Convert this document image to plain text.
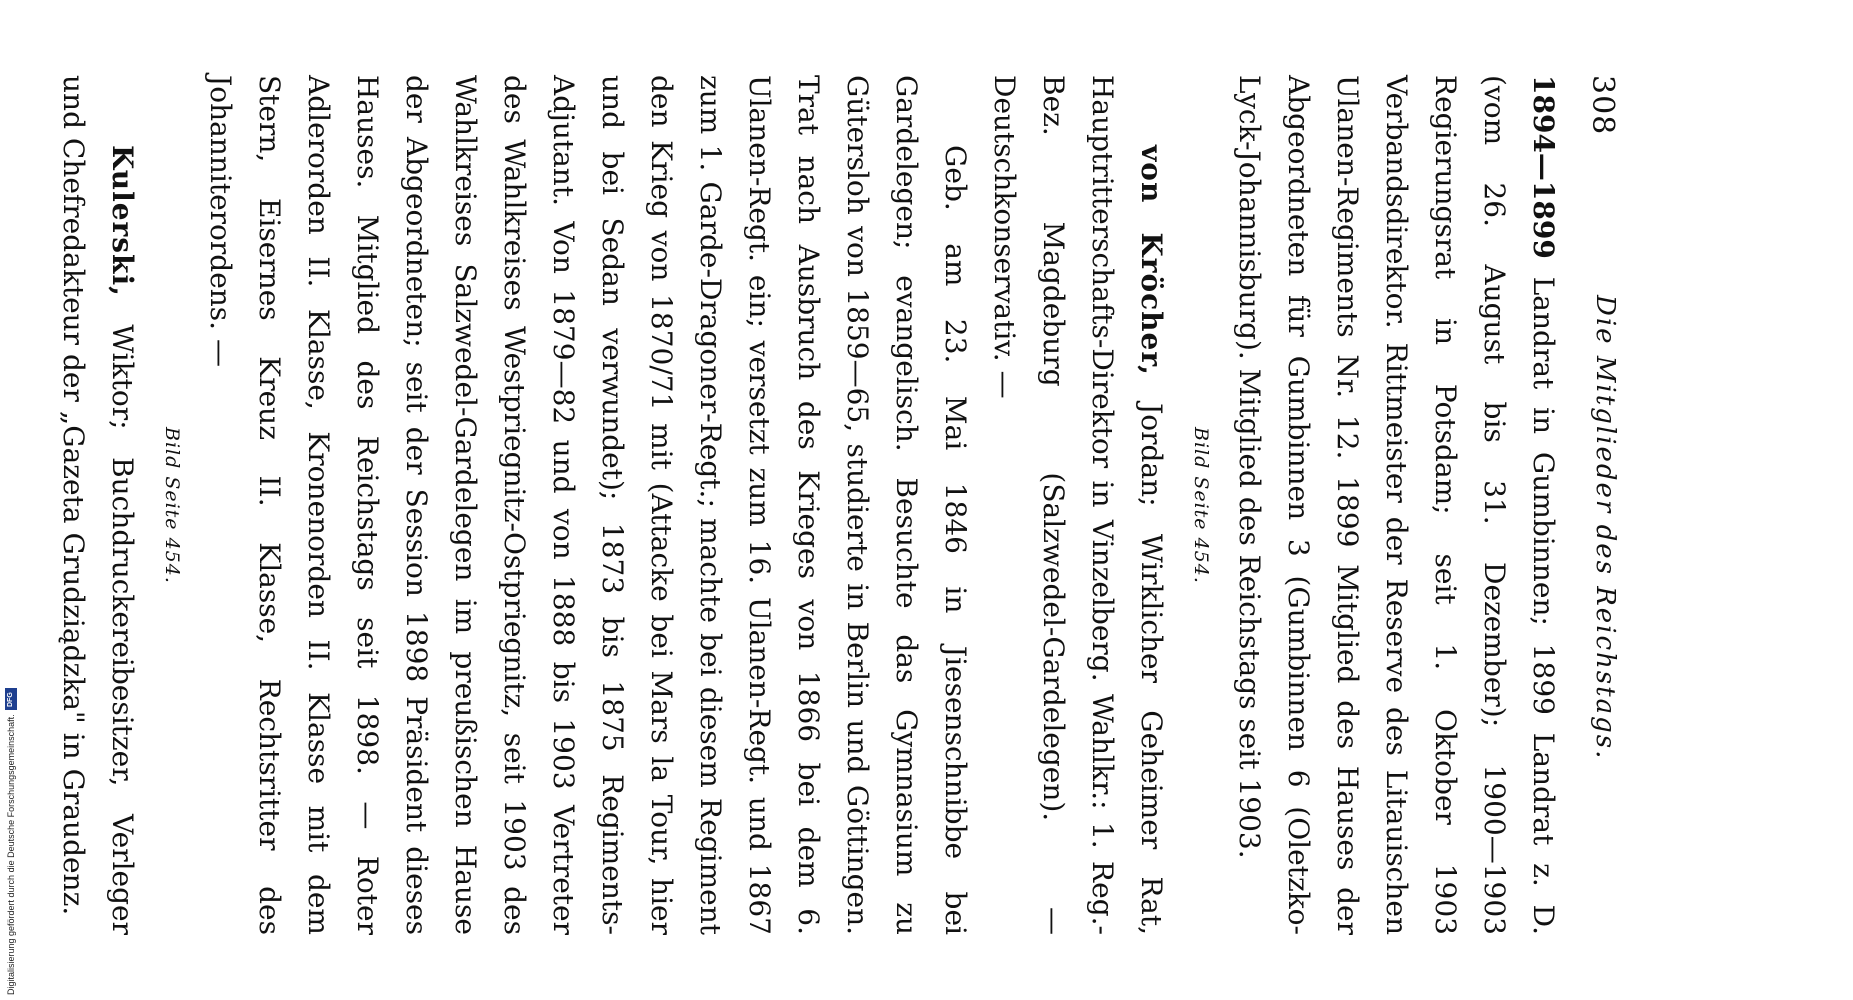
Digitalisierung gefördert durch die Deutsche Forschungsgemeinschaft.
DFG
308
Die Mitglieder des Reichstags.

1894—1899 Landrat in Gumbinnen; 1899 Landrat z. D. (vom 26. August bis 31. Dezember); 1900—1903 Regierungsrat in Potsdam; seit 1. Oktober 1903 Verbandsdirektor. Rittmeister der Reserve des Litauischen Ulanen-Regiments Nr. 12. 1899 Mitglied des Hauses der Abgeordneten für Gumbinnen 3 (Gumbinnen 6 (Oletzko-Lyck-Johannisburg). Mitglied des Reichstags seit 1903.

Bild Seite 454.

von Kröcher, Jordan; Wirklicher Geheimer Rat, Hauptritterschafts-Direktor in Vinzelberg. Wahlkr.: 1. Reg.-Bez. Magdeburg (Salzwedel-Gardelegen). — Deutschkonservativ. —

Geb. am 23. Mai 1846 in Jiesenschnibbe bei Gardelegen; evangelisch. Besuchte das Gymnasium zu Gütersloh von 1859—65, studierte in Berlin und Göttingen. Trat nach Ausbruch des Krieges von 1866 bei dem 6. Ulanen-Regt. ein; versetzt zum 16. Ulanen-Regt. und 1867 zum 1. Garde-Dragoner-Regt.; machte bei diesem Regiment den Krieg von 1870/71 mit (Attacke bei Mars la Tour, hier und bei Sedan verwundet); 1873 bis 1875 Regiments-Adjutant. Von 1879—82 und von 1888 bis 1903 Vertreter des Wahlkreises Westpriegnitz-Ostpriegnitz, seit 1903 des Wahlkreises Salzwedel-Gardelegen im preußischen Hause der Abgeordneten; seit der Session 1898 Präsident dieses Hauses. Mitglied des Reichstags seit 1898. — Roter Adlerorden II. Klasse, Kronenorden II. Klasse mit dem Stern, Eisernes Kreuz II. Klasse, Rechtsritter des Johanniterordens. —

Bild Seite 454.

Kulerski, Wiktor; Buchdruckereibesitzer, Verleger und Chefredakteur der „Gazeta Grudziądzka" in Graudenz.
